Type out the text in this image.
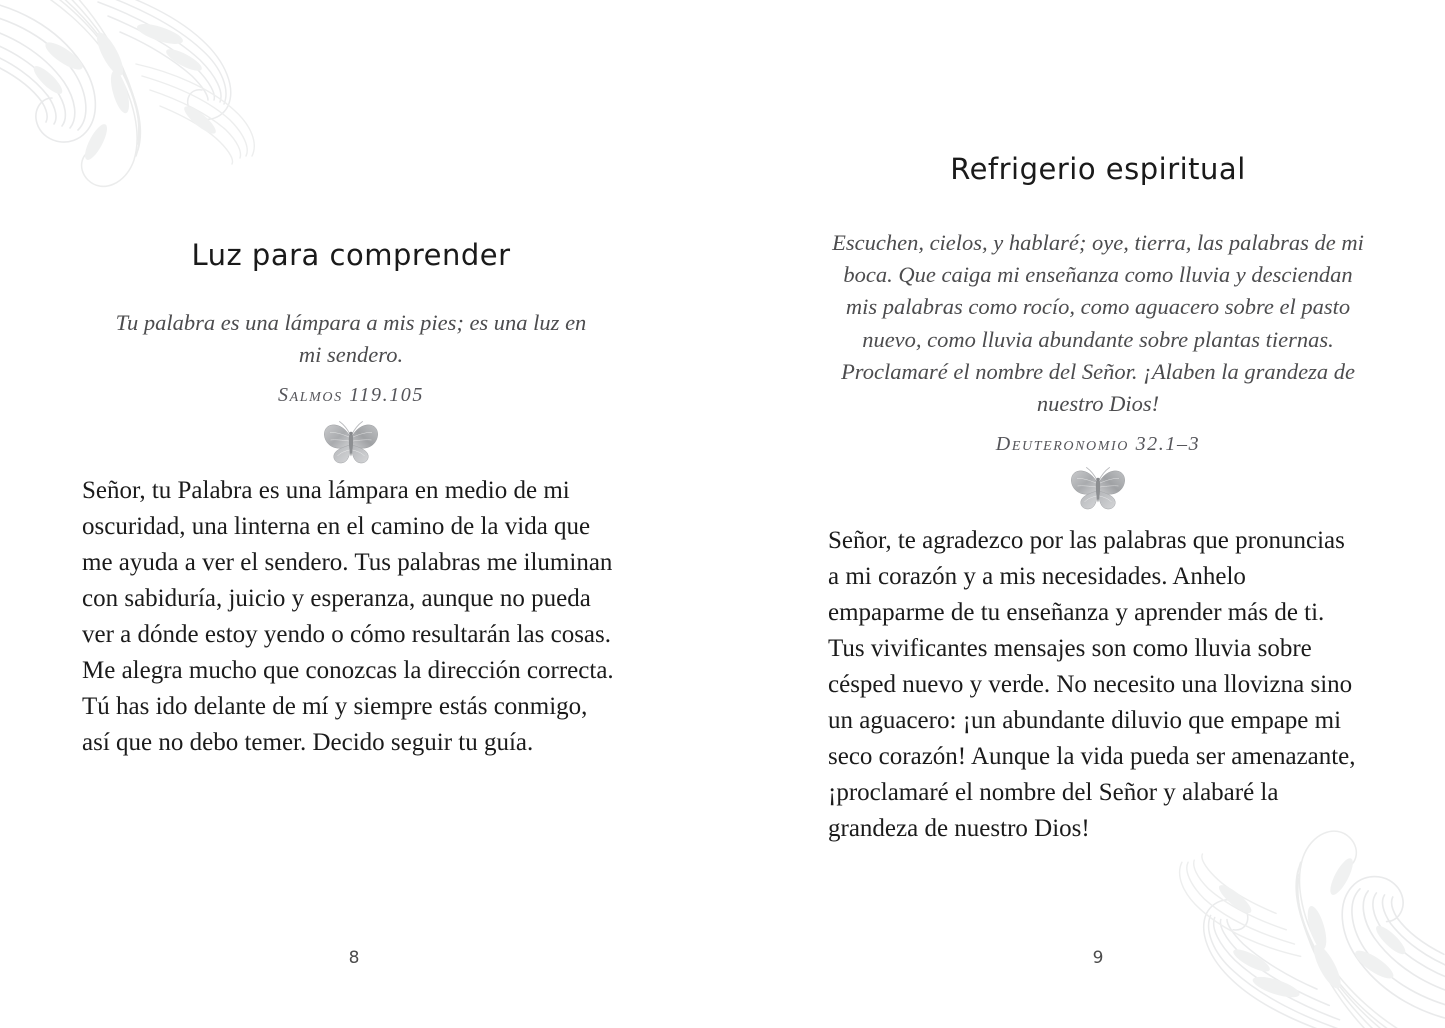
Luz para comprender

Tu palabra es una lámpara a mis pies; es una luz en mi sendero.

Salmos 119.105

Señor, tu Palabra es una lámpara en medio de mi oscuridad, una linterna en el camino de la vida que me ayuda a ver el sendero. Tus palabras me iluminan con sabiduría, juicio y esperanza, aunque no pueda ver a dónde estoy yendo o cómo resultarán las cosas. Me alegra mucho que conozcas la dirección correcta. Tú has ido delante de mí y siempre estás conmigo, así que no debo temer. Decido seguir tu guía.

8
Refrigerio espiritual

Escuchen, cielos, y hablaré; oye, tierra, las palabras de mi boca. Que caiga mi enseñanza como lluvia y desciendan mis palabras como rocío, como aguacero sobre el pasto nuevo, como lluvia abundante sobre plantas tiernas. Proclamaré el nombre del Señor. ¡Alaben la grandeza de nuestro Dios!

Deuteronomio 32.1–3

Señor, te agradezco por las palabras que pronuncias a mi corazón y a mis necesidades. Anhelo empaparme de tu enseñanza y aprender más de ti. Tus vivificantes mensajes son como lluvia sobre césped nuevo y verde. No necesito una llovizna sino un aguacero: ¡un abundante diluvio que empape mi seco corazón! Aunque la vida pueda ser amenazante, ¡proclamaré el nombre del Señor y alabaré la grandeza de nuestro Dios!

9
